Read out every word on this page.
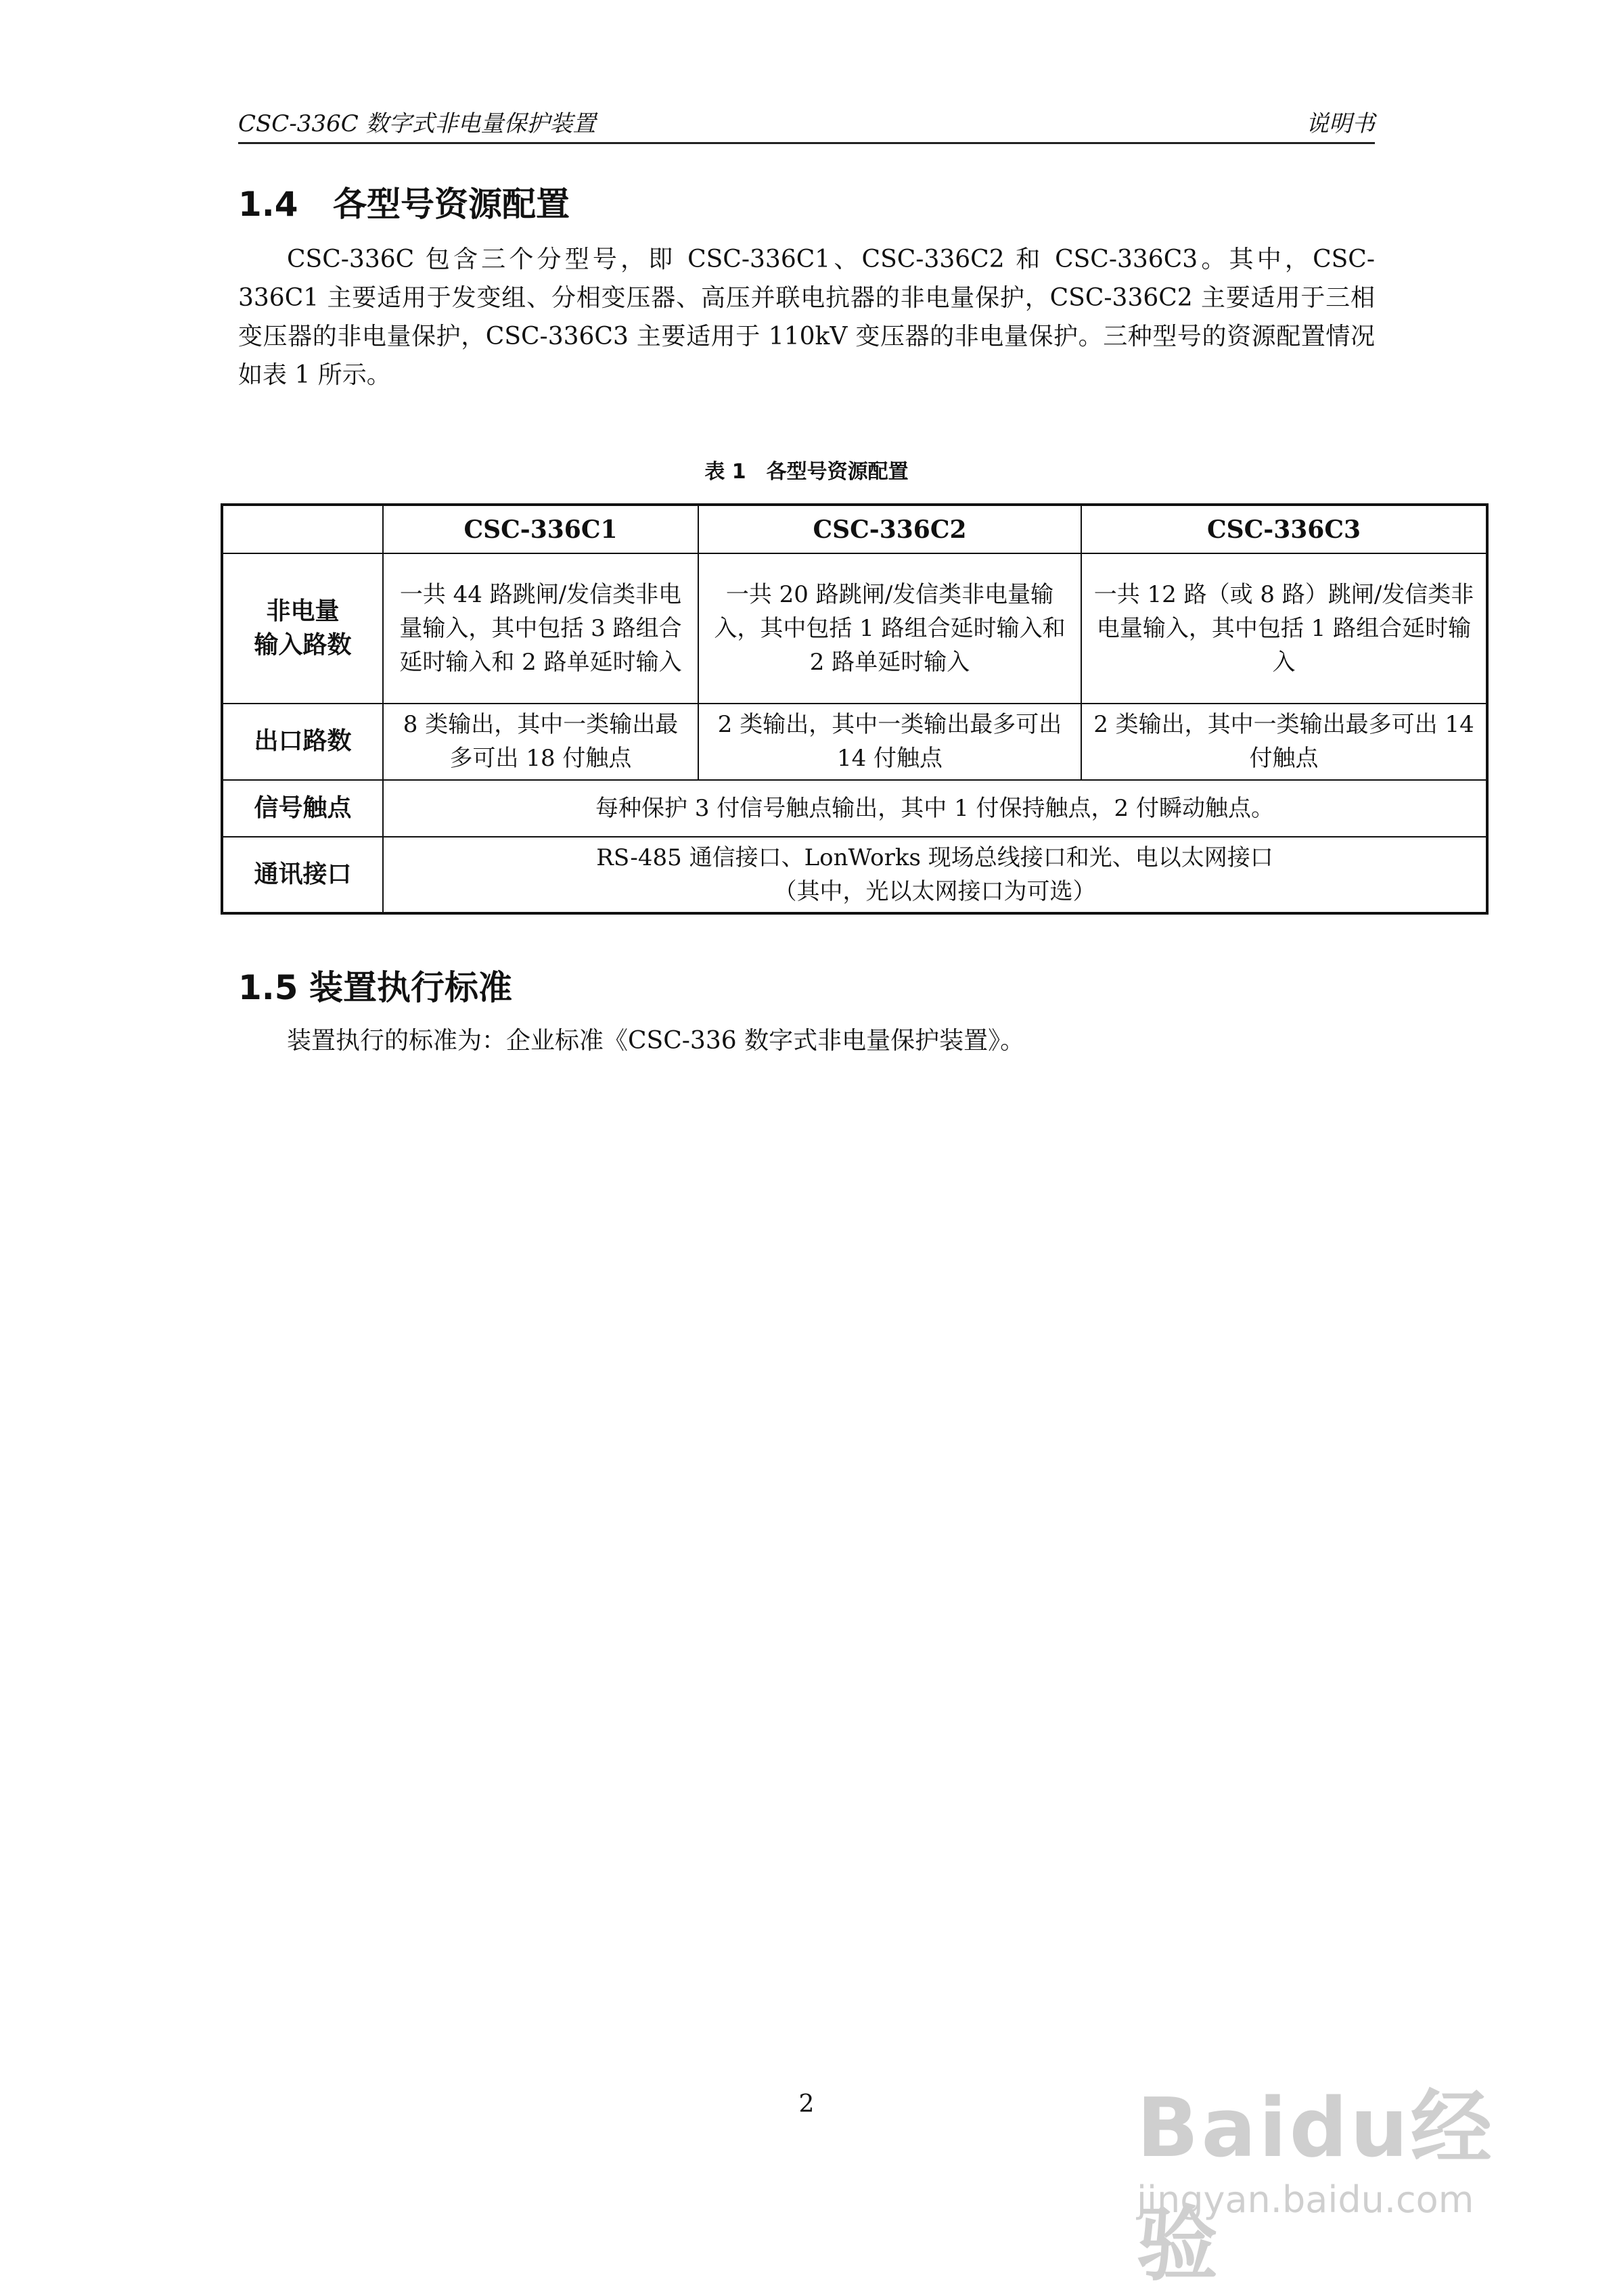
CSC-336C 数字式非电量保护装置	说明书
1.4 各型号资源配置
CSC-336C 包含三个分型号，即 CSC-336C1、CSC-336C2 和 CSC-336C3。其中，CSC-336C1 主要适用于发变组、分相变压器、高压并联电抗器的非电量保护，CSC-336C2 主要适用于三相变压器的非电量保护，CSC-336C3 主要适用于 110kV 变压器的非电量保护。三种型号的资源配置情况如表 1 所示。
表 1 各型号资源配置
	CSC-336C1	CSC-336C2	CSC-336C3

非电量
输入路数	一共 44 路跳闸/发信类非电量输入，其中包括 3 路组合延时输入和 2 路单延时输入	一共 20 路跳闸/发信类非电量输入，其中包括 1 路组合延时输入和 2 路单延时输入	一共 12 路（或 8 路）跳闸/发信类非电量输入，其中包括 1 路组合延时输入
出口路数	8 类输出，其中一类输出最多可出 18 付触点	2 类输出，其中一类输出最多可出 14 付触点	2 类输出，其中一类输出最多可出 14 付触点
信号触点	每种保护 3 付信号触点输出，其中 1 付保持触点，2 付瞬动触点。		
通讯接口	RS-485 通信接口、LonWorks 现场总线接口和光、电以太网接口
（其中，光以太网接口为可选）		
1.5 装置执行标准
装置执行的标准为：企业标准《CSC-336 数字式非电量保护装置》。
2	Baidu经验
jingyan.baidu.com
